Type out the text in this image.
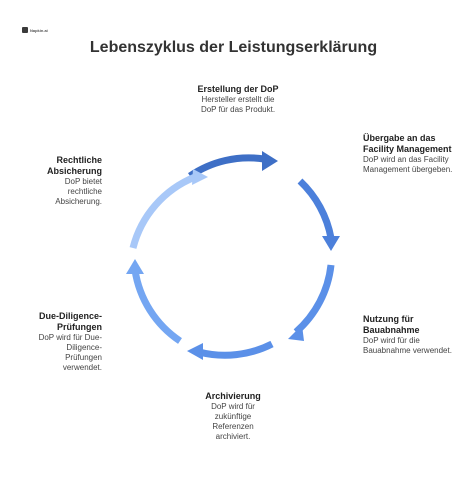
Napkin.ai
Lebenszyklus der Leistungserklärung
Erstellung der DoP
Hersteller erstellt die DoP für das Produkt.
Übergabe an das Facility Management
DoP wird an das Facility Management übergeben.
Nutzung für Bauabnahme
DoP wird für die Bauabnahme verwendet.
Archivierung
DoP wird für zukünftige Referenzen archiviert.
Due-Diligence-Prüfungen
DoP wird für Due-Diligence-Prüfungen verwendet.
Rechtliche Absicherung
DoP bietet rechtliche Absicherung.
